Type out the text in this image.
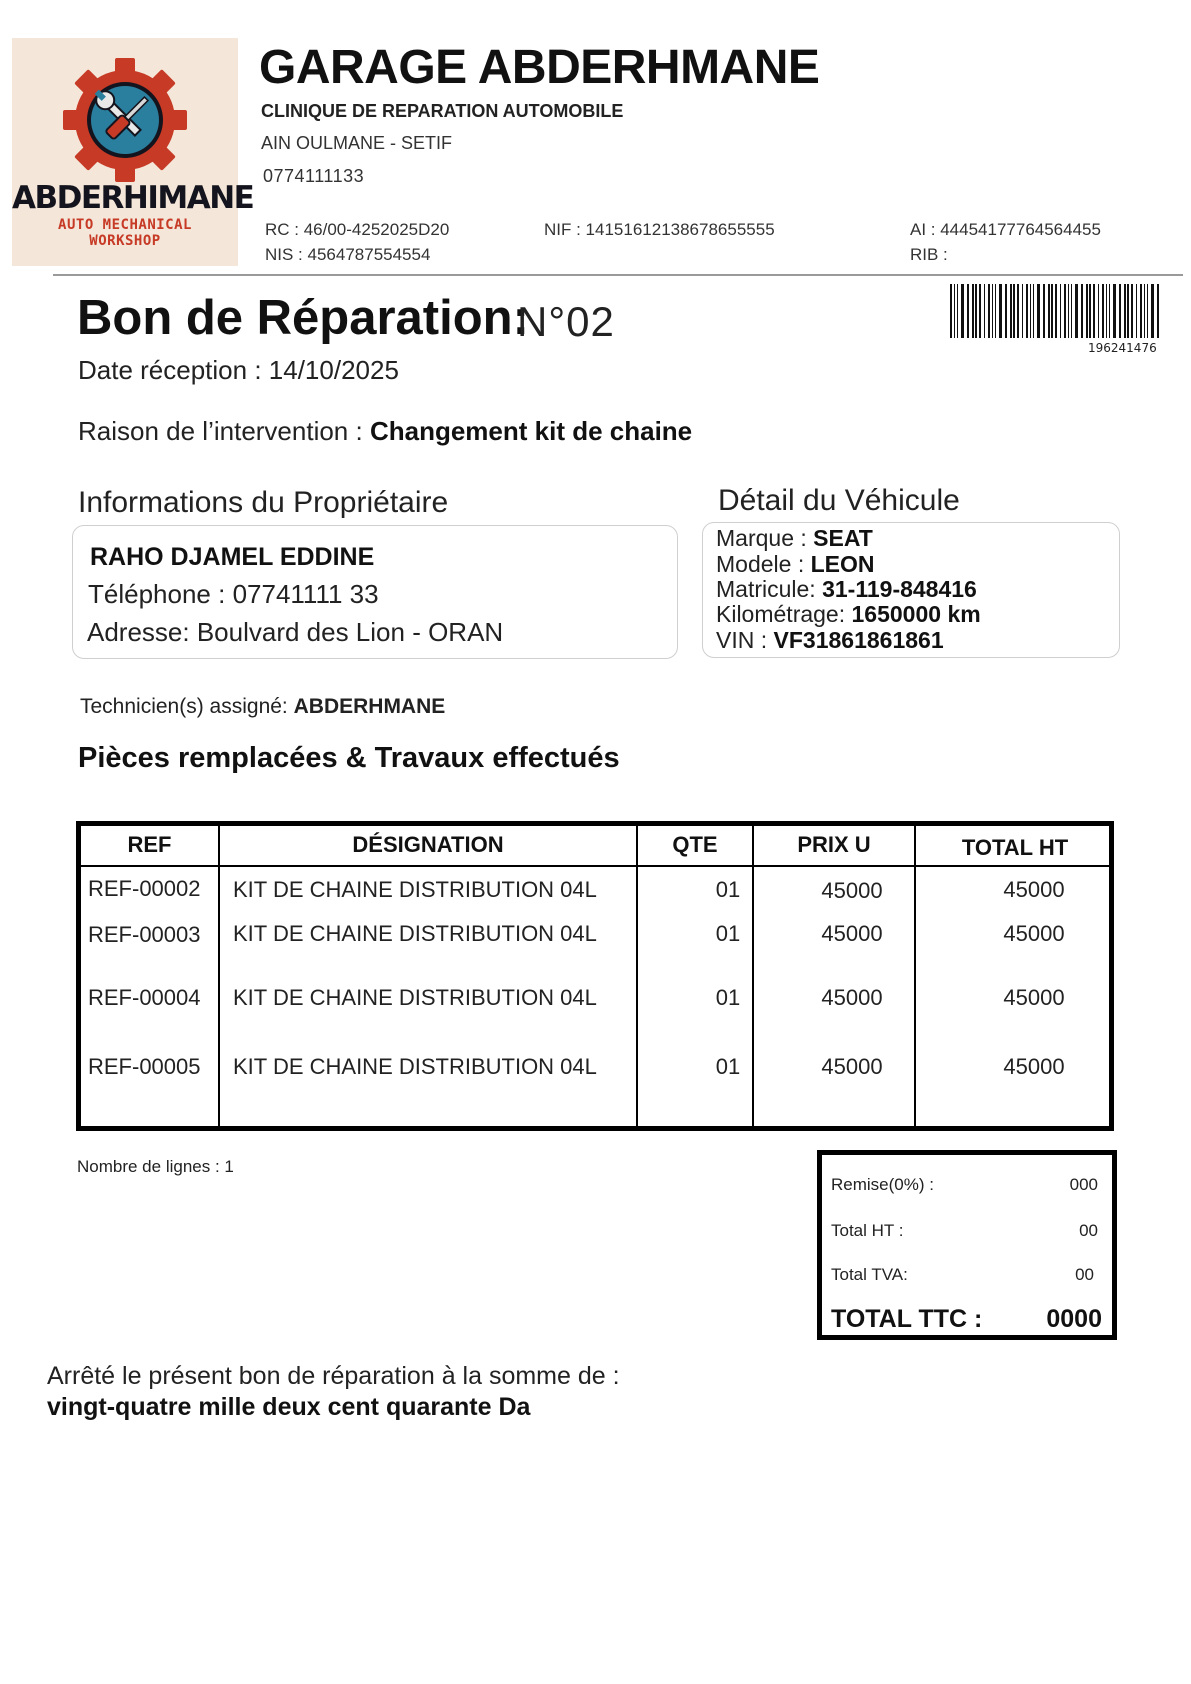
ABDERHIMANE
AUTO MECHANICAL
WORKSHOP
GARAGE ABDERHMANE
CLINIQUE DE REPARATION AUTOMOBILE
AIN OULMANE - SETIF
0774111133
RC : 46/00-4252025D20
NIS : 4564787554554
NIF : 1415161213867865555​5	AI : 4445417776456445​5
RIB :
Bon de Réparation:
N°02
196241476
Date réception : 14/10/2025
Raison de l’intervention : Changement kit de chaine
Informations du Propriétaire
RAHO DJAMEL EDDINE
Téléphone : 07741111 33
Adresse: Boulvard des Lion - ORAN
Détail du Véhicule
Marque : SEAT
Modele : LEON
Matricule: 31-119-848416
Kilométrage: 1650000 km
VIN : VF31861861861
Technicien(s) assigné: ABDERHMANE
Pièces remplacées & Travaux effectués
REF	DÉSIGNATION	QTE	PRIX U	TOTAL HT
REF-00002 KIT DE CHAINE DISTRIBUTION 04L	01	45000	45000
REF-00003 KIT DE CHAINE DISTRIBUTION 04L	01	45000	45000
REF-00004 KIT DE CHAINE DISTRIBUTION 04L	01	45000	45000
REF-00005 KIT DE CHAINE DISTRIBUTION 04L	01	45000	45000
Nombre de lignes : 1
Remise(0%) :	000
Total HT :	00
Total TVA:	00
TOTAL TTC :	0000
Arrêté le présent bon de réparation à la somme de :
vingt-quatre mille deux cent quarante Da
